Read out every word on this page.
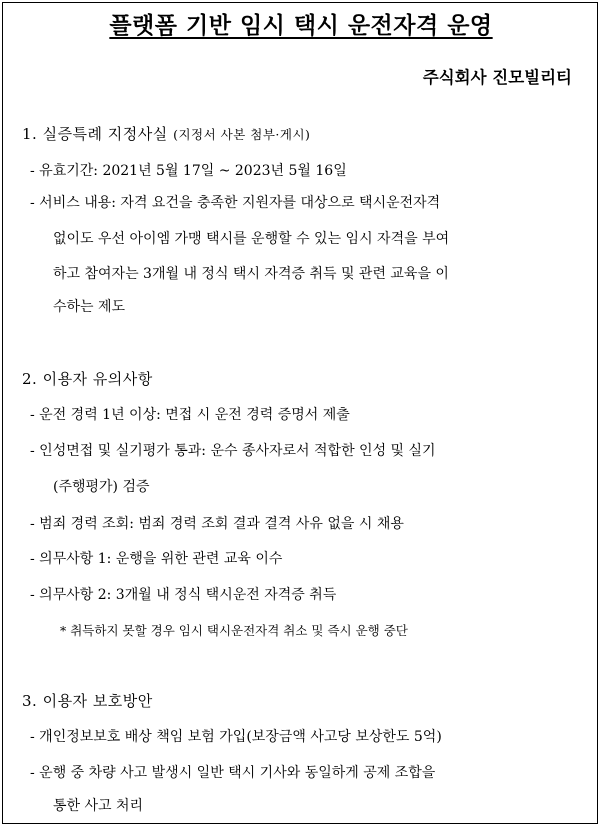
플랫폼 기반 임시 택시 운전자격 운영
주식회사 진모빌리티
1. 실증특례 지정사실 (지정서 사본 첨부·게시)
- 유효기간: 2021년 5월 17일 ~ 2023년 5월 16일
- 서비스 내용: 자격 요건을 충족한 지원자를 대상으로 택시운전자격
없이도 우선 아이엠 가맹 택시를 운행할 수 있는 임시 자격을 부여
하고 참여자는 3개월 내 정식 택시 자격증 취득 및 관련 교육을 이
수하는 제도
2. 이용자 유의사항
- 운전 경력 1년 이상: 면접 시 운전 경력 증명서 제출
- 인성면접 및 실기평가 통과: 운수 종사자로서 적합한 인성 및 실기
(주행평가) 검증
- 범죄 경력 조회: 범죄 경력 조회 결과 결격 사유 없을 시 채용
- 의무사항 1: 운행을 위한 관련 교육 이수
- 의무사항 2: 3개월 내 정식 택시운전 자격증 취득
* 취득하지 못할 경우 임시 택시운전자격 취소 및 즉시 운행 중단
3. 이용자 보호방안
- 개인정보보호 배상 책임 보험 가입(보장금액 사고당 보상한도 5억)
- 운행 중 차량 사고 발생시 일반 택시 기사와 동일하게 공제 조합을
통한 사고 처리
